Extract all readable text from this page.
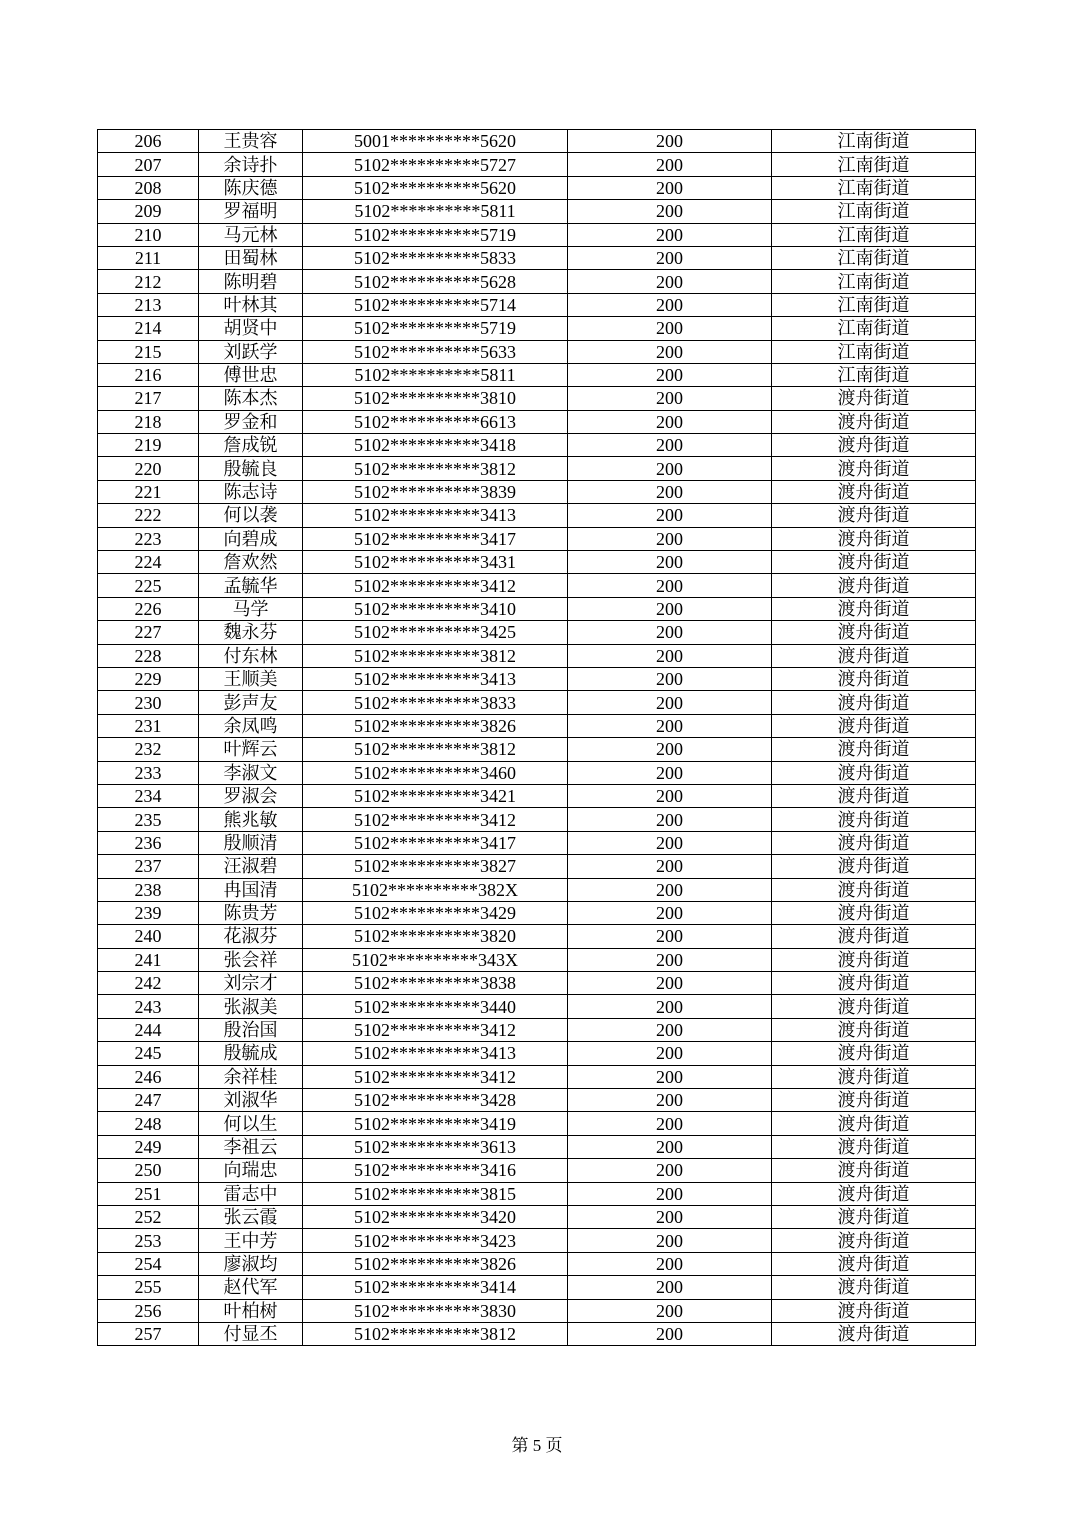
206	王贵容	5001**********5620	200	江南街道
207	余诗扑	5102**********5727	200	江南街道
208	陈庆德	5102**********5620	200	江南街道
209	罗福明	5102**********5811	200	江南街道
210	马元林	5102**********5719	200	江南街道
211	田蜀林	5102**********5833	200	江南街道
212	陈明碧	5102**********5628	200	江南街道
213	叶林其	5102**********5714	200	江南街道
214	胡贤中	5102**********5719	200	江南街道
215	刘跃学	5102**********5633	200	江南街道
216	傅世忠	5102**********5811	200	江南街道
217	陈本杰	5102**********3810	200	渡舟街道
218	罗金和	5102**********6613	200	渡舟街道
219	詹成锐	5102**********3418	200	渡舟街道
220	殷毓良	5102**********3812	200	渡舟街道
221	陈志诗	5102**********3839	200	渡舟街道
222	何以袭	5102**********3413	200	渡舟街道
223	向碧成	5102**********3417	200	渡舟街道
224	詹欢然	5102**********3431	200	渡舟街道
225	孟毓华	5102**********3412	200	渡舟街道
226	马学	5102**********3410	200	渡舟街道
227	魏永芬	5102**********3425	200	渡舟街道
228	付东林	5102**********3812	200	渡舟街道
229	王顺美	5102**********3413	200	渡舟街道
230	彭声友	5102**********3833	200	渡舟街道
231	余凤鸣	5102**********3826	200	渡舟街道
232	叶辉云	5102**********3812	200	渡舟街道
233	李淑文	5102**********3460	200	渡舟街道
234	罗淑会	5102**********3421	200	渡舟街道
235	熊兆敏	5102**********3412	200	渡舟街道
236	殷顺清	5102**********3417	200	渡舟街道
237	汪淑碧	5102**********3827	200	渡舟街道
238	冉国清	5102**********382X	200	渡舟街道
239	陈贵芳	5102**********3429	200	渡舟街道
240	花淑芬	5102**********3820	200	渡舟街道
241	张会祥	5102**********343X	200	渡舟街道
242	刘宗才	5102**********3838	200	渡舟街道
243	张淑美	5102**********3440	200	渡舟街道
244	殷治国	5102**********3412	200	渡舟街道
245	殷毓成	5102**********3413	200	渡舟街道
246	余祥桂	5102**********3412	200	渡舟街道
247	刘淑华	5102**********3428	200	渡舟街道
248	何以生	5102**********3419	200	渡舟街道
249	李祖云	5102**********3613	200	渡舟街道
250	向瑞忠	5102**********3416	200	渡舟街道
251	雷志中	5102**********3815	200	渡舟街道
252	张云霞	5102**********3420	200	渡舟街道
253	王中芳	5102**********3423	200	渡舟街道
254	廖淑均	5102**********3826	200	渡舟街道
255	赵代军	5102**********3414	200	渡舟街道
256	叶柏树	5102**********3830	200	渡舟街道
257	付显丕	5102**********3812	200	渡舟街道
第 5 页
